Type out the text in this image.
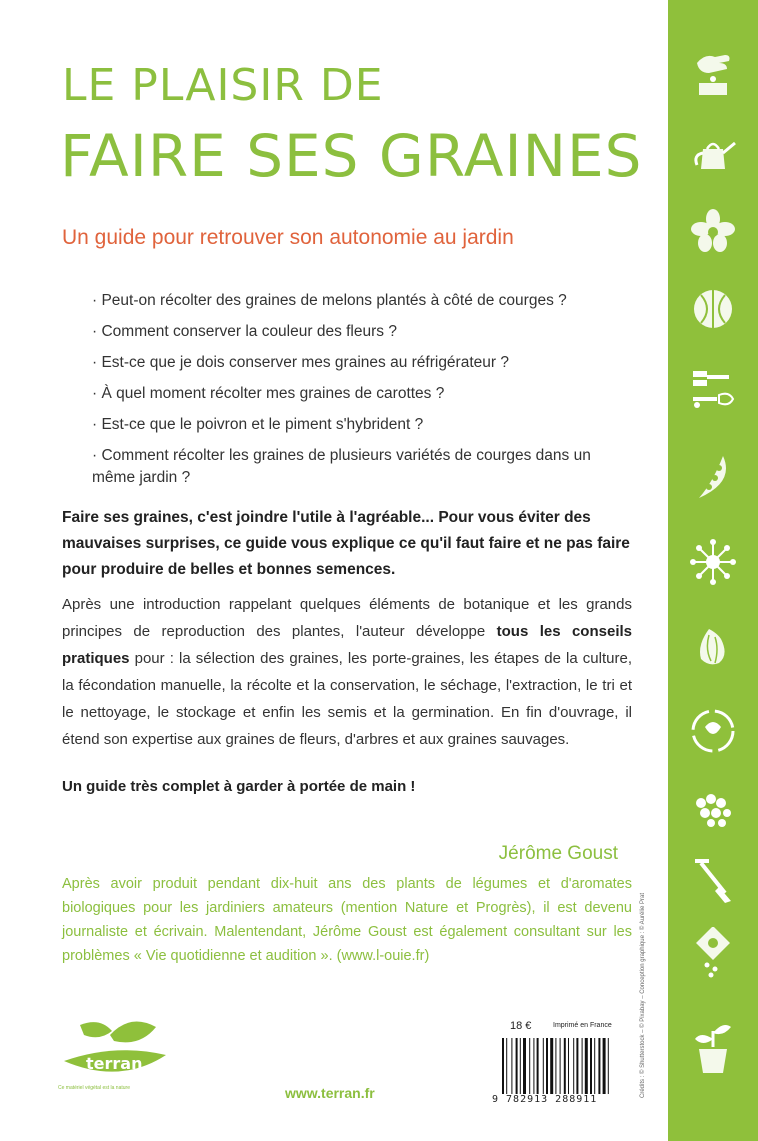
Crédits : © Shutterstock – © Pixabay – Conception graphique : © Aurélie Prat
LE PLAISIR DE
FAIRE SES GRAINES
Un guide pour retrouver son autonomie au jardin
· Peut-on récolter des graines de melons plantés à côté de courges ?
· Comment conserver la couleur des fleurs ?
· Est-ce que je dois conserver mes graines au réfrigérateur ?
· À quel moment récolter mes graines de carottes ?
· Est-ce que le poivron et le piment s'hybrident ?
· Comment récolter les graines de plusieurs variétés de courges dans un même jardin ?
Faire ses graines, c'est joindre l'utile à l'agréable... Pour vous éviter des mauvaises surprises, ce guide vous explique ce qu'il faut faire et ne pas faire pour produire de belles et bonnes semences.
Après une introduction rappelant quelques éléments de botanique et les grands principes de reproduction des plantes, l'auteur développe tous les conseils pratiques pour : la sélection des graines, les porte-graines, les étapes de la culture, la fécondation manuelle, la récolte et la conservation, le séchage, l'extraction, le tri et le nettoyage, le stockage et enfin les semis et la germination. En fin d'ouvrage, il étend son expertise aux graines de fleurs, d'arbres et aux graines sauvages.
Un guide très complet à garder à portée de main !
Jérôme Goust
Après avoir produit pendant dix-huit ans des plants de légumes et d'aromates biologiques pour les jardiniers amateurs (mention Nature et Progrès), il est devenu journaliste et écrivain. Malentendant, Jérôme Goust est également consultant sur les problèmes « Vie quotidienne et audition ». (www.l-ouie.fr)
terran
Ce matériel végétal est la nature	www.terran.fr
18 €	Imprimé en France
9 782913 288911
